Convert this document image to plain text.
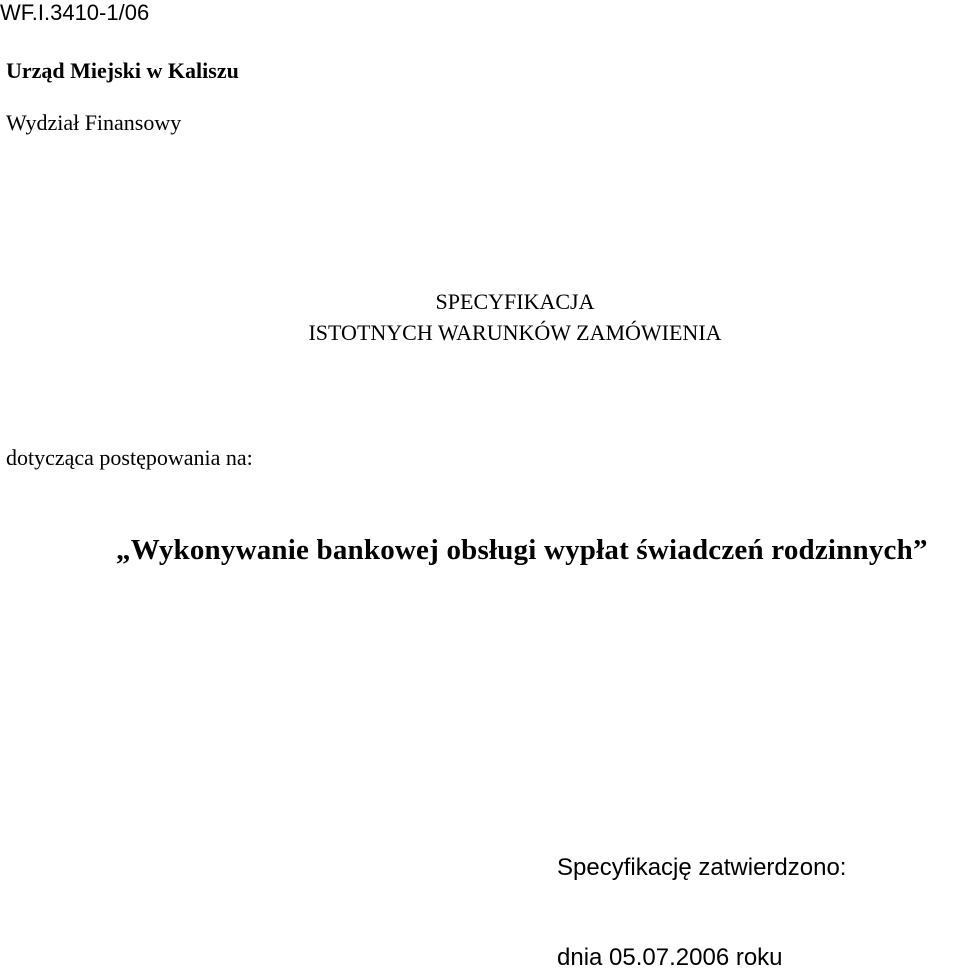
WF.I.3410-1/06
Urząd Miejski w Kaliszu
Wydział Finansowy
SPECYFIKACJA
ISTOTNYCH WARUNKÓW ZAMÓWIENIA
dotycząca postępowania na:
„Wykonywanie bankowej obsługi wypłat świadczeń rodzinnych”
Specyfikację zatwierdzono:
dnia 05.07.2006 roku
